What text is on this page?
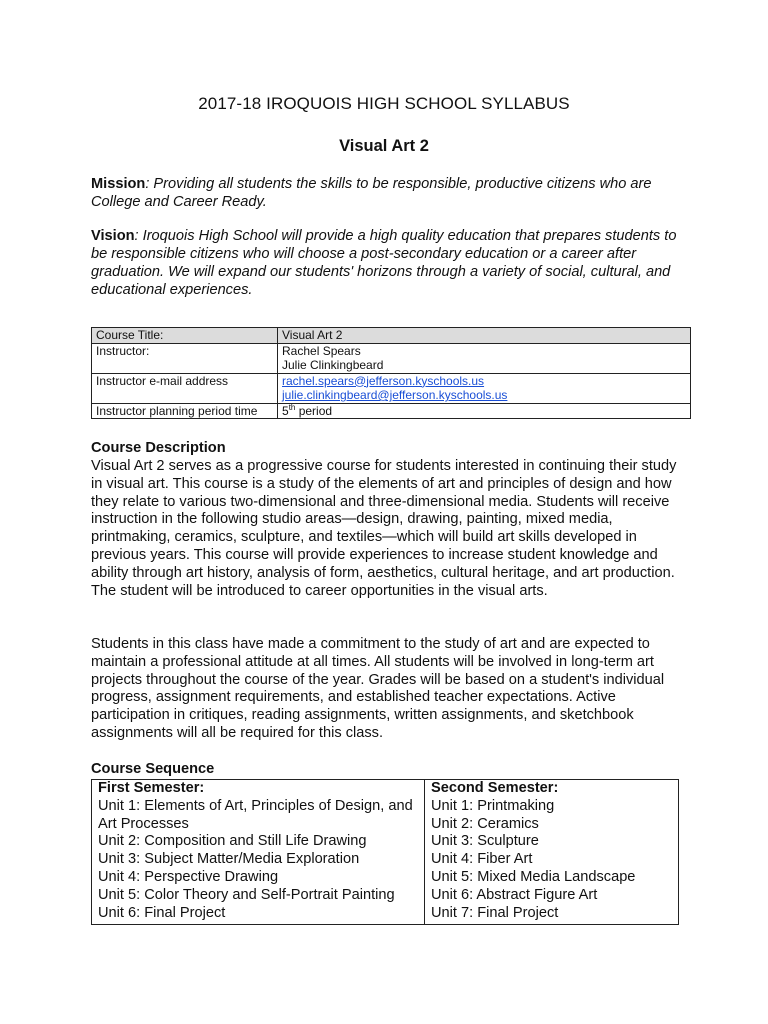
2017-18 IROQUOIS HIGH SCHOOL SYLLABUS
Visual Art 2
Mission: Providing all students the skills to be responsible, productive citizens who are College and Career Ready.
Vision: Iroquois High School will provide a high quality education that prepares students to be responsible citizens who will choose a post-secondary education or a career after graduation. We will expand our students' horizons through a variety of social, cultural, and educational experiences.
Course Title:	Visual Art 2
Instructor:	Rachel Spears
Julie Clinkingbeard

Instructor e-mail address	rachel.spears@jefferson.kyschools.us
julie.clinkingbeard@jefferson.kyschools.us

Instructor planning period time	5th period
Course Description
Visual Art 2 serves as a progressive course for students interested in continuing their study in visual art. This course is a study of the elements of art and principles of design and how they relate to various two-dimensional and three-dimensional media. Students will receive instruction in the following studio areas—design, drawing, painting, mixed media, printmaking, ceramics, sculpture, and textiles—which will build art skills developed in previous years. This course will provide experiences to increase student knowledge and ability through art history, analysis of form, aesthetics, cultural heritage, and art production. The student will be introduced to career opportunities in the visual arts.
Students in this class have made a commitment to the study of art and are expected to maintain a professional attitude at all times. All students will be involved in long-term art projects throughout the course of the year. Grades will be based on a student's individual progress, assignment requirements, and established teacher expectations. Active participation in critiques, reading assignments, written assignments, and sketchbook assignments will all be required for this class.
Course Sequence
First Semester:
Unit 1: Elements of Art, Principles of Design, and Art Processes
Unit 2: Composition and Still Life Drawing
Unit 3: Subject Matter/Media Exploration
Unit 4: Perspective Drawing
Unit 5: Color Theory and Self-Portrait Painting
Unit 6: Final Project

Second Semester:
Unit 1: Printmaking
Unit 2: Ceramics
Unit 3: Sculpture
Unit 4: Fiber Art
Unit 5: Mixed Media Landscape
Unit 6: Abstract Figure Art
Unit 7: Final Project
